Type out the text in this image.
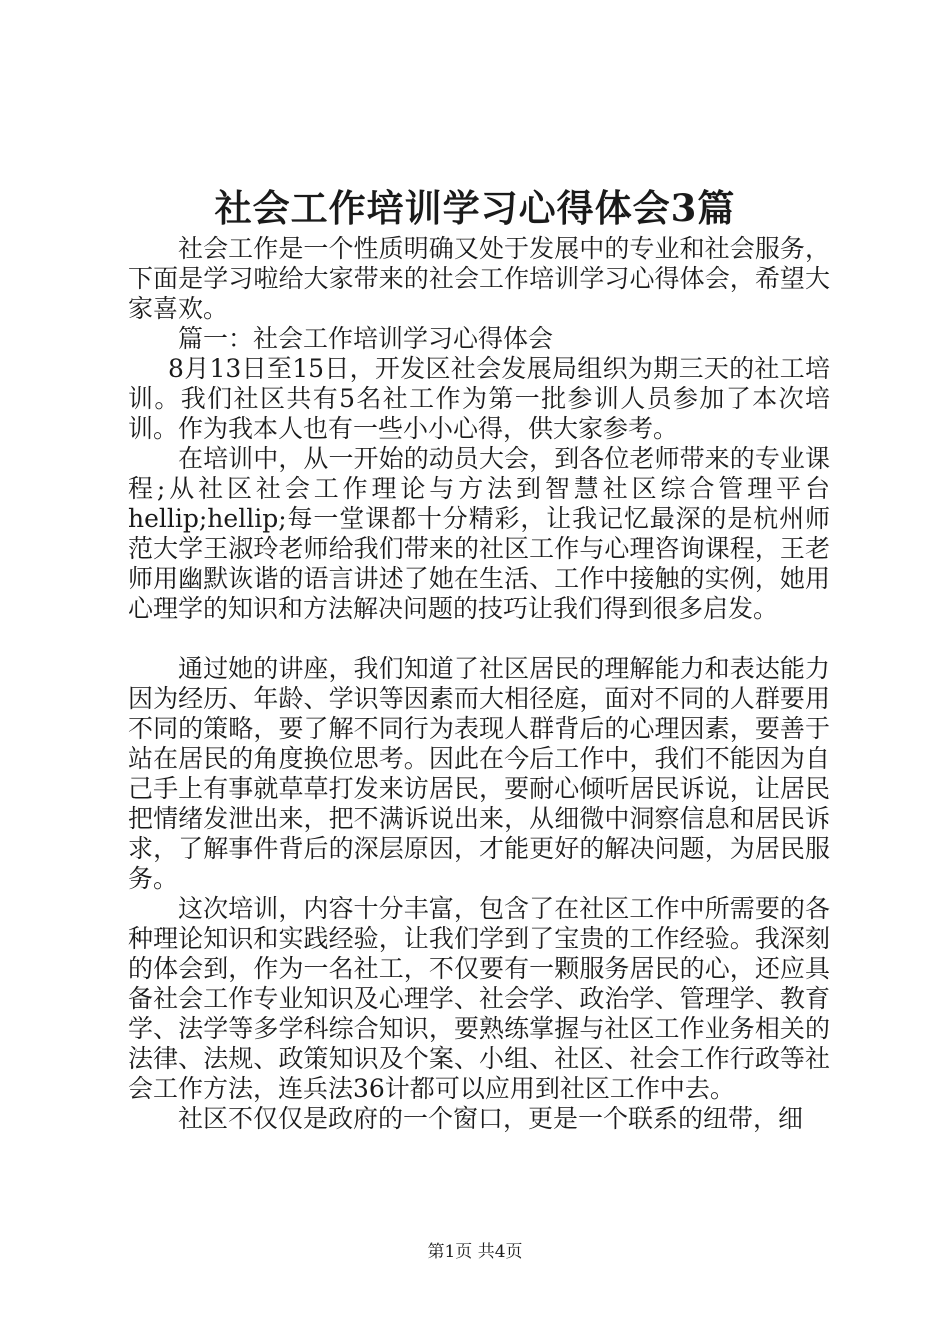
社会工作培训学习心得体会3篇

社会工作是一个性质明确又处于发展中的专业和社会服务，下面是学习啦给大家带来的社会工作培训学习心得体会，希望大家喜欢。

篇一：社会工作培训学习心得体会

8月13日至15日，开发区社会发展局组织为期三天的社工培训。我们社区共有5名社工作为第一批参训人员参加了本次培训。作为我本人也有一些小小心得，供大家参考。

在培训中，从一开始的动员大会，到各位老师带来的专业课程;从社区社会工作理论与方法到智慧社区综合管理平台hellip;hellip;每一堂课都十分精彩，让我记忆最深的是杭州师范大学王淑玲老师给我们带来的社区工作与心理咨询课程，王老师用幽默诙谐的语言讲述了她在生活、工作中接触的实例，她用心理学的知识和方法解决问题的技巧让我们得到很多启发。

通过她的讲座，我们知道了社区居民的理解能力和表达能力因为经历、年龄、学识等因素而大相径庭，面对不同的人群要用不同的策略，要了解不同行为表现人群背后的心理因素，要善于站在居民的角度换位思考。因此在今后工作中，我们不能因为自己手上有事就草草打发来访居民，要耐心倾听居民诉说，让居民把情绪发泄出来，把不满诉说出来，从细微中洞察信息和居民诉求，了解事件背后的深层原因，才能更好的解决问题，为居民服务。

这次培训，内容十分丰富，包含了在社区工作中所需要的各种理论知识和实践经验，让我们学到了宝贵的工作经验。我深刻的体会到，作为一名社工，不仅要有一颗服务居民的心，还应具备社会工作专业知识及心理学、社会学、政治学、管理学、教育学、法学等多学科综合知识，要熟练掌握与社区工作业务相关的法律、法规、政策知识及个案、小组、社区、社会工作行政等社会工作方法，连兵法36计都可以应用到社区工作中去。

社区不仅仅是政府的一个窗口，更是一个联系的纽带，细

第1页 共4页
